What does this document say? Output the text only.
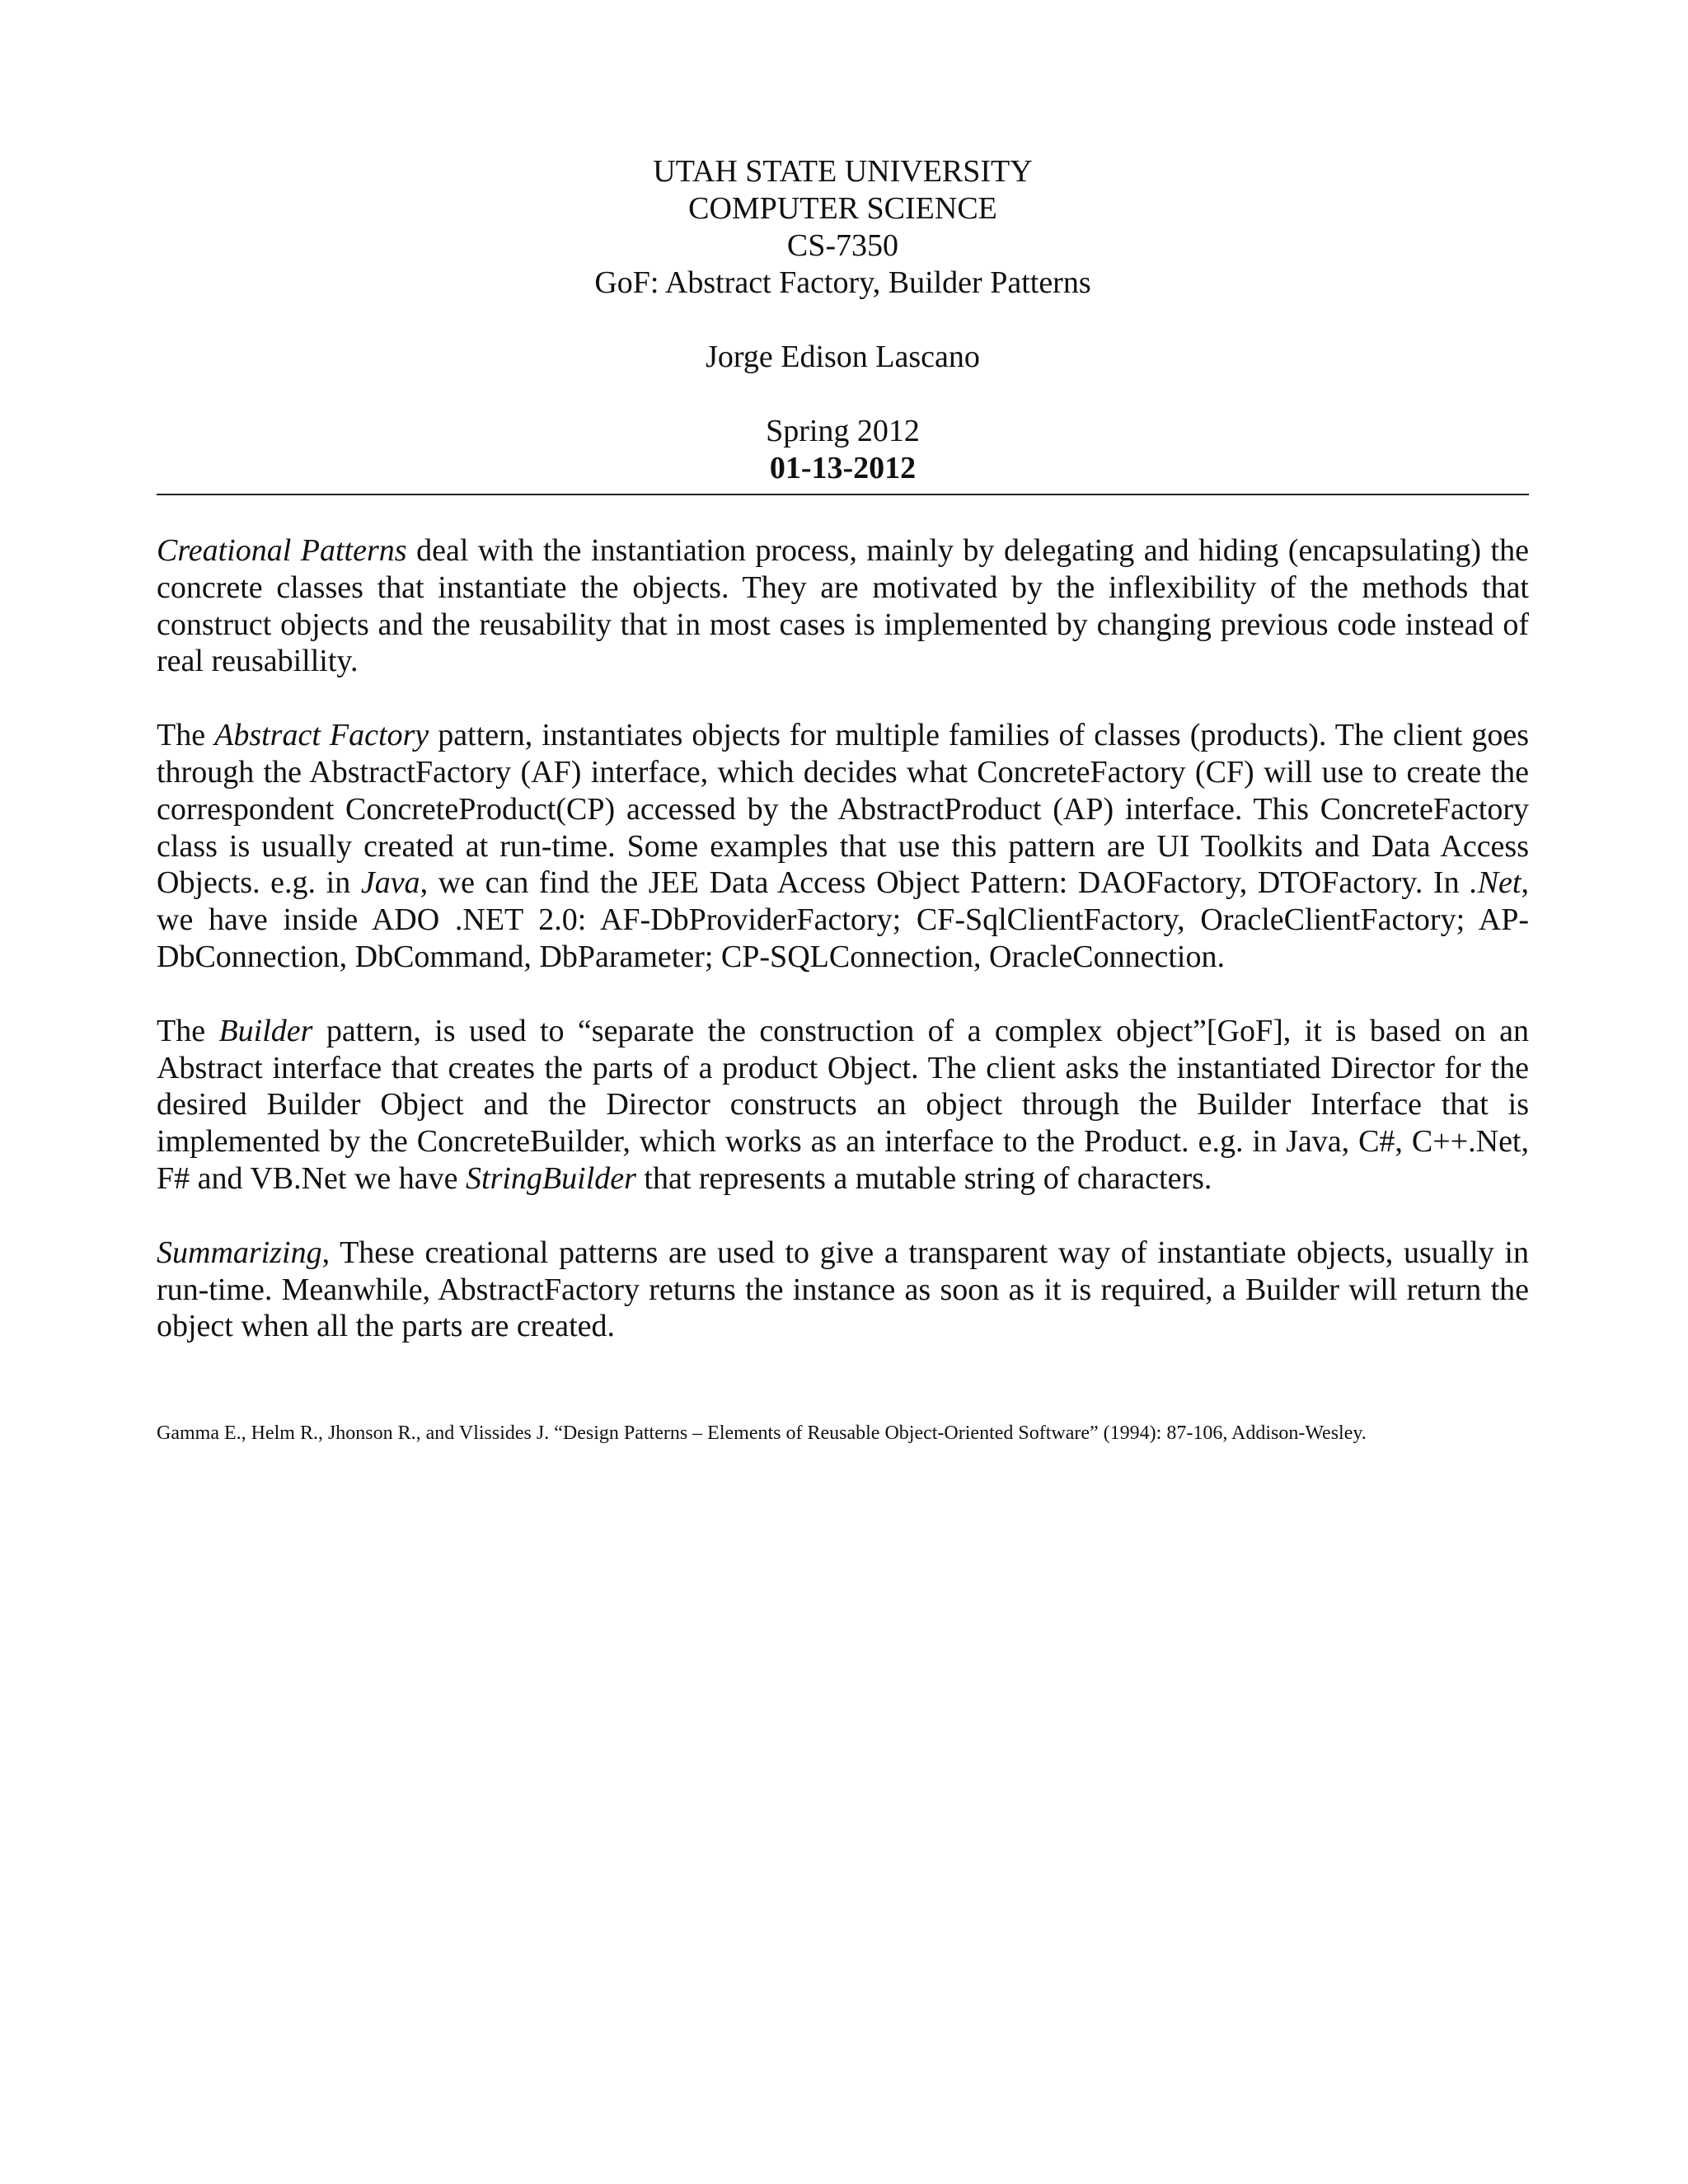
UTAH STATE UNIVERSITY
COMPUTER SCIENCE
CS-7350
GoF: Abstract Factory, Builder Patterns
Jorge Edison Lascano
Spring 2012
01-13-2012

Creational Patterns deal with the instantiation process, mainly by delegating and hiding (encapsulating) the concrete classes that instantiate the objects. They are motivated by the inflexibility of the methods that construct objects and the reusability that in most cases is implemented by changing previous code instead of real reusabillity.

The Abstract Factory pattern, instantiates objects for multiple families of classes (products). The client goes through the AbstractFactory (AF) interface, which decides what ConcreteFactory (CF) will use to create the correspondent ConcreteProduct(CP) accessed by the AbstractProduct (AP) interface. This ConcreteFactory class is usually created at run-time. Some examples that use this pattern are UI Toolkits and Data Access Objects. e.g. in Java, we can find the JEE Data Access Object Pattern: DAOFactory, DTOFactory. In .Net, we have inside ADO .NET 2.0: AF-DbProviderFactory; CF-SqlClientFactory, OracleClientFactory; AP-DbConnection, DbCommand, DbParameter; CP-SQLConnection, OracleConnection.

The Builder pattern, is used to “separate the construction of a complex object”[GoF], it is based on an Abstract interface that creates the parts of a product Object. The client asks the instantiated Director for the desired Builder Object and the Director constructs an object through the Builder Interface that is implemented by the ConcreteBuilder, which works as an interface to the Product. e.g. in Java, C#, C++.Net, F# and VB.Net we have StringBuilder that represents a mutable string of characters.

Summarizing, These creational patterns are used to give a transparent way of instantiate objects, usually in run-time. Meanwhile, AbstractFactory returns the instance as soon as it is required, a Builder will return the object when all the parts are created.

Gamma E., Helm R., Jhonson R., and Vlissides J. “Design Patterns – Elements of Reusable Object-Oriented Software” (1994): 87-106, Addison-Wesley.
